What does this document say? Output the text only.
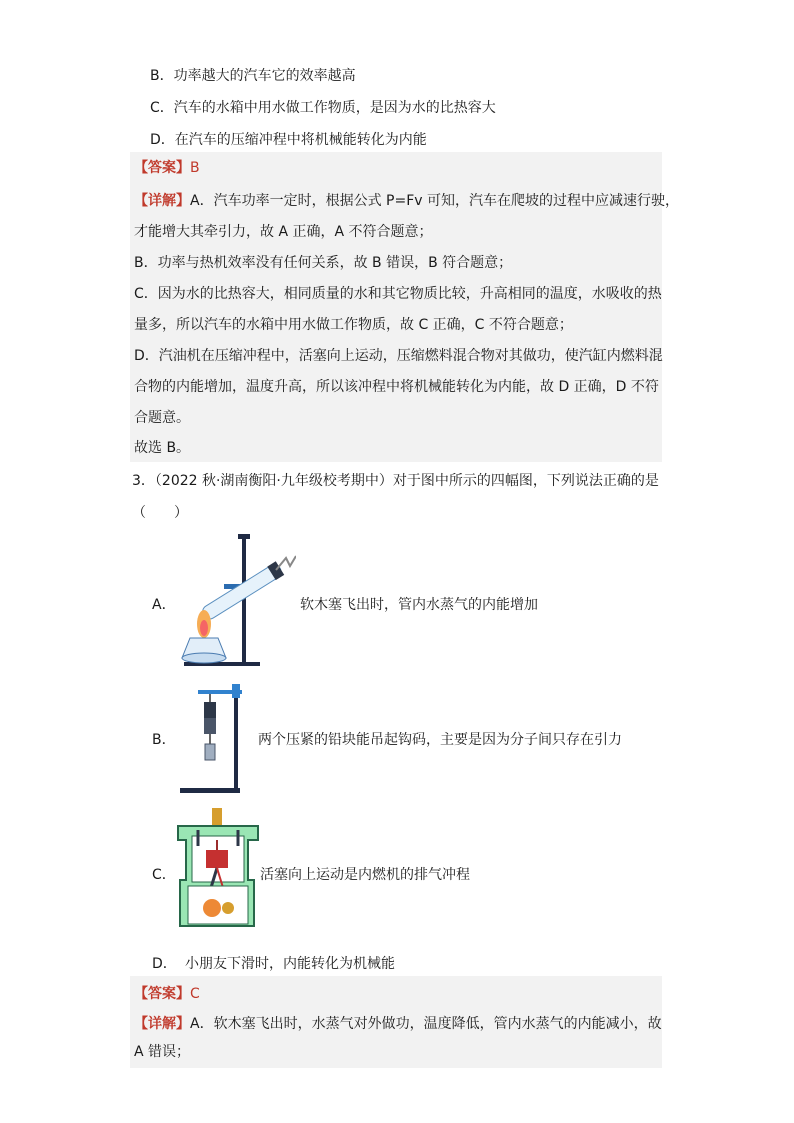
B．功率越大的汽车它的效率越高
C．汽车的水箱中用水做工作物质，是因为水的比热容大
D．在汽车的压缩冲程中将机械能转化为内能
【答案】B
【详解】A．汽车功率一定时，根据公式 P=Fv 可知，汽车在爬坡的过程中应减速行驶，
才能增大其牵引力，故 A 正确，A 不符合题意；
B．功率与热机效率没有任何关系，故 B 错误，B 符合题意；
C．因为水的比热容大，相同质量的水和其它物质比较，升高相同的温度，水吸收的热
量多，所以汽车的水箱中用水做工作物质，故 C 正确，C 不符合题意；
D．汽油机在压缩冲程中，活塞向上运动，压缩燃料混合物对其做功，使汽缸内燃料混
合物的内能增加，温度升高，所以该冲程中将机械能转化为内能，故 D 正确，D 不符
合题意。
故选 B。
3．（2022 秋·湖南衡阳·九年级校考期中）对于图中所示的四幅图，下列说法正确的是
（　　）
A．	软木塞飞出时，管内水蒸气的内能增加
B．	两个压紧的铅块能吊起钩码，主要是因为分子间只存在引力
C．	活塞向上运动是内燃机的排气冲程
D． 小朋友下滑时，内能转化为机械能
【答案】C
【详解】A．软木塞飞出时，水蒸气对外做功，温度降低，管内水蒸气的内能减小，故
A 错误；
